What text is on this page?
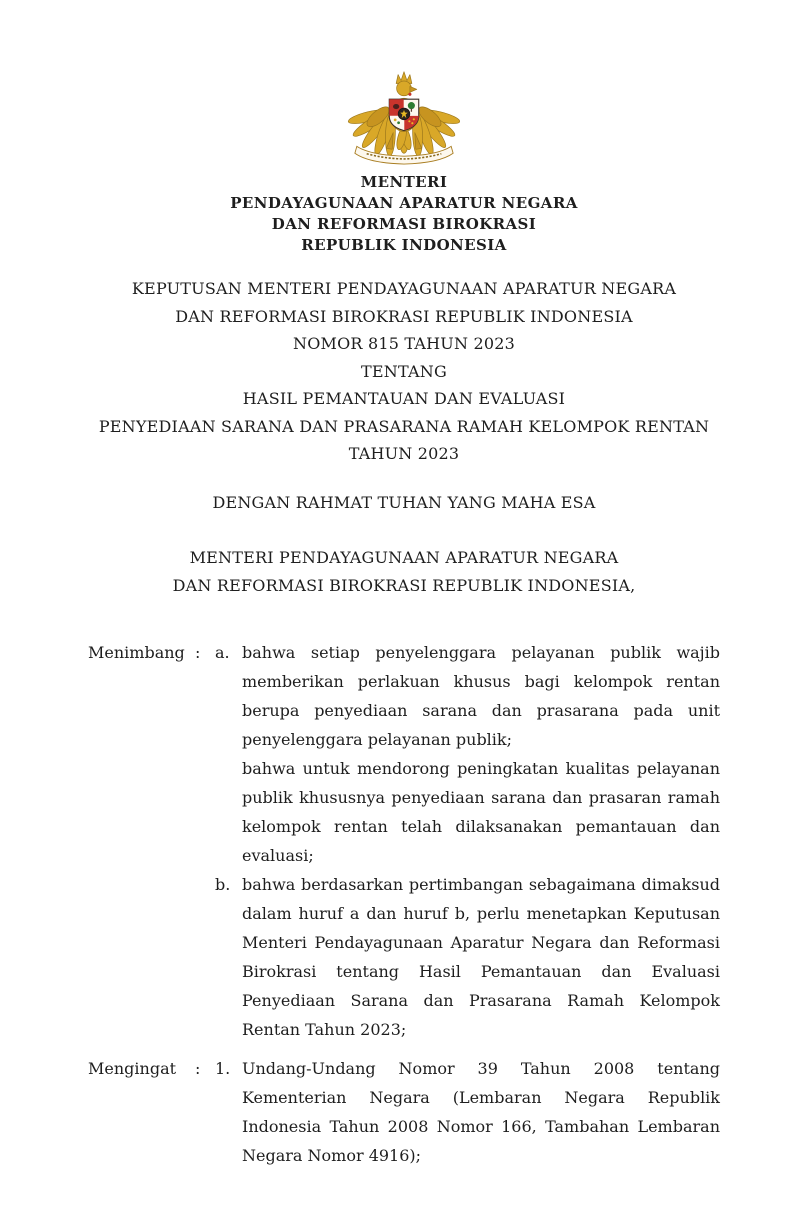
MENTERI
PENDAYAGUNAAN APARATUR NEGARA
DAN REFORMASI BIROKRASI
REPUBLIK INDONESIA
KEPUTUSAN MENTERI PENDAYAGUNAAN APARATUR NEGARA
DAN REFORMASI BIROKRASI REPUBLIK INDONESIA
NOMOR 815 TAHUN 2023
TENTANG
HASIL PEMANTAUAN DAN EVALUASI
PENYEDIAAN SARANA DAN PRASARANA RAMAH KELOMPOK RENTAN
TAHUN 2023
DENGAN RAHMAT TUHAN YANG MAHA ESA
MENTERI PENDAYAGUNAAN APARATUR NEGARA
DAN REFORMASI BIROKRASI REPUBLIK INDONESIA,
Menimbang : a. bahwa setiap penyelenggara pelayanan publik wajib memberikan perlakuan khusus bagi kelompok rentan berupa penyediaan sarana dan prasarana pada unit penyelenggara pelayanan publik;
bahwa untuk mendorong peningkatan kualitas pelayanan publik khususnya penyediaan sarana dan prasaran ramah kelompok rentan telah dilaksanakan pemantauan dan evaluasi;
b. bahwa berdasarkan pertimbangan sebagaimana dimaksud dalam huruf a dan huruf b, perlu menetapkan Keputusan Menteri Pendayagunaan Aparatur Negara dan Reformasi Birokrasi tentang Hasil Pemantauan dan Evaluasi Penyediaan Sarana dan Prasarana Ramah Kelompok Rentan Tahun 2023;
Mengingat	: 1. Undang-Undang Nomor 39 Tahun 2008 tentang Kementerian Negara (Lembaran Negara Republik Indonesia Tahun 2008 Nomor 166, Tambahan Lembaran Negara Nomor 4916);
